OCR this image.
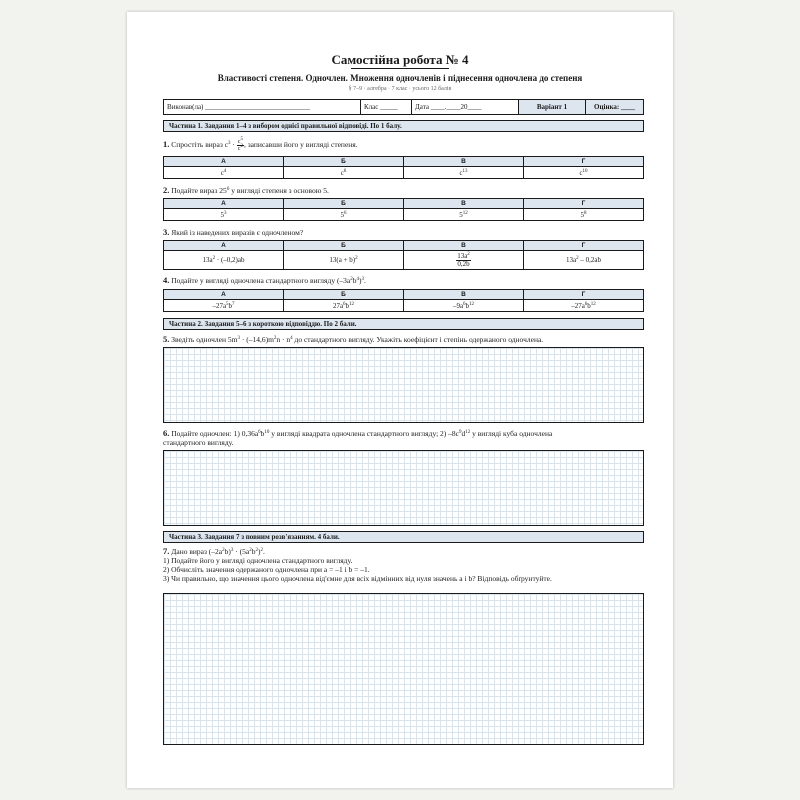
Самостійна робота № 4
Властивості степеня. Одночлен. Множення одночленів і піднесення одночлена до степеня
§ 7–9 · алгебра · 7 клас · усього 12 балів
Виконав(ла) ______________________________	Клас _____	Дата ____.____20____	Варіант 1	Оцінка: ____
Частина 1. Завдання 1–4 з вибором однієї правильної відповіді. По 1 балу.
1. Спростіть вираз $c^3 \cdot \frac{c^5}{c^2}$ , записавши його у вигляді степеня.
А	Б	В	Г
$c^4$	$c^6$	$c^{13}$	$c^{10}$
2. Подайте вираз $25^6$ у вигляді степеня з основою 5.
А	Б	В	Г
$5^3$	$5^6$	$5^{12}$	$5^8$
3. Який із наведених виразів є одночленом?
А	Б	В	Г
$13a^2 \cdot (-0,2)ab$	$13(a + b)^2$	$\frac{13a^2}{0,2b}$	$13a^2 - 0,2ab$
4. Подайте у вигляді одночлена стандартного вигляду $(-3a^2b^4)^3$.
А	Б	В	Г
$-27a^5b^7$	$27a^6b^{12}$	$-9a^6b^{12}$	$-27a^6b^{12}$
Частина 2. Завдання 5–6 з короткою відповіддю. По 2 бали.
5. Зведіть одночлен $5m^3 \cdot (-14,6)m^2n \cdot n^4$ до стандартного вигляду. Укажіть коефіцієнт і степінь одержаного одночлена.
6. Подайте одночлен: 1) $0,36a^6b^{10}$ у вигляді квадрата одночлена стандартного вигляду; 2) $-8c^9d^{12}$ у вигляді куба одночлена
стандартного вигляду.
Частина 3. Завдання 7 з повним розв'язанням. 4 бали.
7. Дано вираз $(-2a^2b)^3 \cdot (5a^2b^2)^2$.
1) Подайте його у вигляді одночлена стандартного вигляду.
2) Обчисліть значення одержаного одночлена при a = –1 і b = –1.
3) Чи правильно, що значення цього одночлена від'ємне для всіх відмінних від нуля значень a і b? Відповідь обґрунтуйте.
